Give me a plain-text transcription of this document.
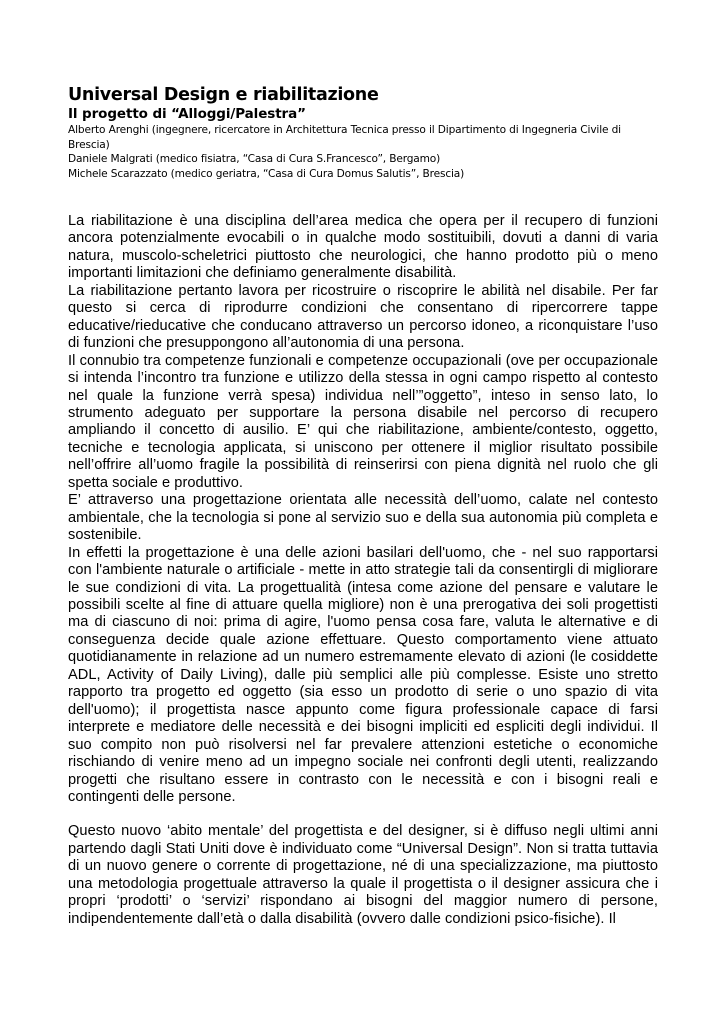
Universal Design e riabilitazione
Il progetto di “Alloggi/Palestra”

Alberto Arenghi (ingegnere, ricercatore in Architettura Tecnica presso il Dipartimento di Ingegneria Civile di Brescia)

Daniele Malgrati (medico fisiatra, “Casa di Cura S.Francesco”, Bergamo)

Michele Scarazzato (medico geriatra, “Casa di Cura Domus Salutis”, Brescia)

La riabilitazione è una disciplina dell’area medica che opera per il recupero di funzioni ancora potenzialmente evocabili o in qualche modo sostituibili, dovuti a danni di varia natura, muscolo-scheletrici piuttosto che neurologici, che hanno prodotto più o meno importanti limitazioni che definiamo generalmente disabilità.

La riabilitazione pertanto lavora per ricostruire o riscoprire le abilità nel disabile. Per far questo si cerca di riprodurre condizioni che consentano di ripercorrere tappe educative/rieducative che conducano attraverso un percorso idoneo, a riconquistare l’uso di funzioni che presuppongono all’autonomia di una persona.

Il connubio tra competenze funzionali e competenze occupazionali (ove per occupazionale si intenda l’incontro tra funzione e utilizzo della stessa in ogni campo rispetto al contesto nel quale la funzione verrà spesa) individua nell’”oggetto”, inteso in senso lato, lo strumento adeguato per supportare la persona disabile nel percorso di recupero ampliando il concetto di ausilio. E’ qui che riabilitazione, ambiente/contesto, oggetto, tecniche e tecnologia applicata, si uniscono per ottenere il miglior risultato possibile nell’offrire all’uomo fragile la possibilità di reinserirsi con piena dignità nel ruolo che gli spetta sociale e produttivo.

E’ attraverso una progettazione orientata alle necessità dell’uomo, calate nel contesto ambientale, che la tecnologia si pone al servizio suo e della sua autonomia più completa e sostenibile.

In effetti la progettazione è una delle azioni basilari dell'uomo, che - nel suo rapportarsi con l'ambiente naturale o artificiale - mette in atto strategie tali da consentirgli di migliorare le sue condizioni di vita. La progettualità (intesa come azione del pensare e valutare le possibili scelte al fine di attuare quella migliore) non è una prerogativa dei soli progettisti ma di ciascuno di noi: prima di agire, l'uomo pensa cosa fare, valuta le alternative e di conseguenza decide quale azione effettuare. Questo comportamento viene attuato quotidianamente in relazione ad un numero estremamente elevato di azioni (le cosiddette ADL, Activity of Daily Living), dalle più semplici alle più complesse. Esiste uno stretto rapporto tra progetto ed oggetto (sia esso un prodotto di serie o uno spazio di vita dell'uomo); il progettista nasce appunto come figura professionale capace di farsi interprete e mediatore delle necessità e dei bisogni impliciti ed espliciti degli individui. Il suo compito non può risolversi nel far prevalere attenzioni estetiche o economiche rischiando di venire meno ad un impegno sociale nei confronti degli utenti, realizzando progetti che risultano essere in contrasto con le necessità e con i bisogni reali e contingenti delle persone.

Questo nuovo ‘abito mentale’ del progettista e del designer, si è diffuso negli ultimi anni partendo dagli Stati Uniti dove è individuato come “Universal Design”. Non si tratta tuttavia di un nuovo genere o corrente di progettazione, né di una specializzazione, ma piuttosto una metodologia progettuale attraverso la quale il progettista o il designer assicura che i propri ‘prodotti’ o ‘servizi’ rispondano ai bisogni del maggior numero di persone, indipendentemente dall’età o dalla disabilità (ovvero dalle condizioni psico-fisiche). Il
